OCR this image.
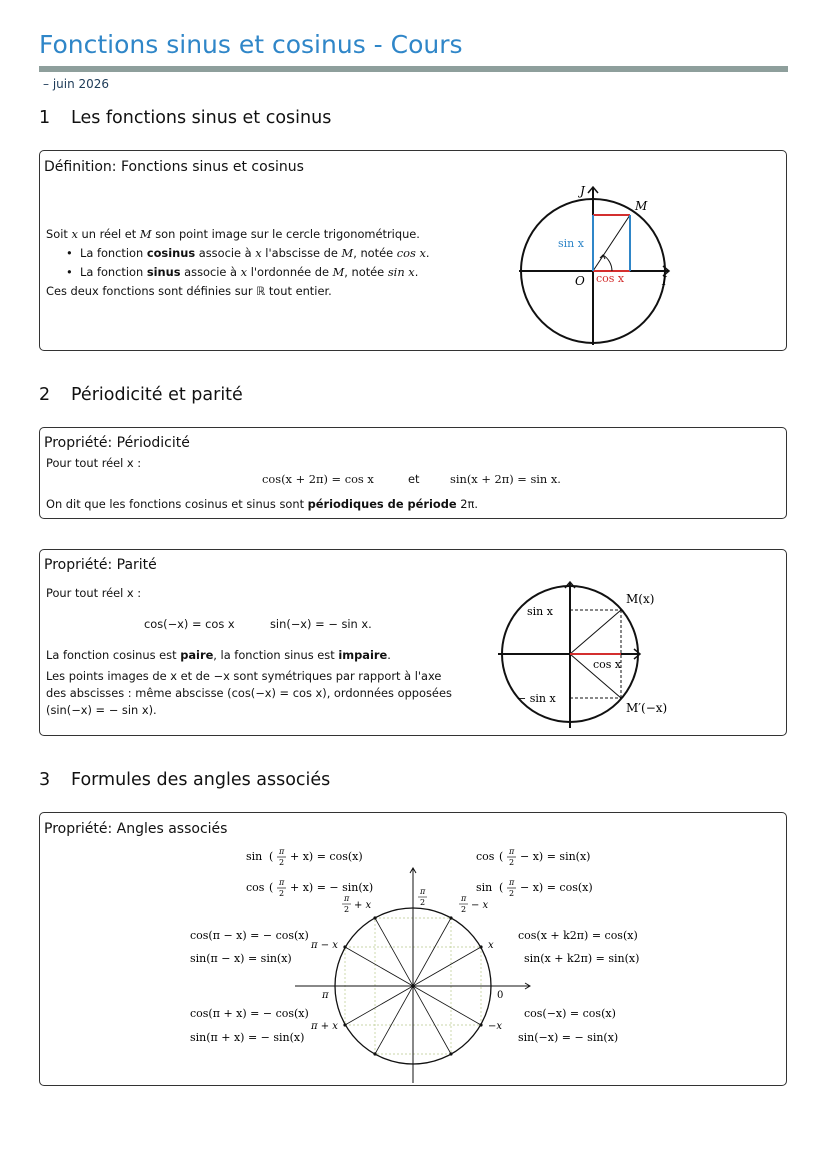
Fonctions sinus et cosinus - Cours
– juin 2026
1 Les fonctions sinus et cosinus
Définition: Fonctions sinus et cosinus
Soit x un réel et M son point image sur le cercle trigonométrique.
• La fonction cosinus associe à x l'abscisse de M, notée cos x.
• La fonction sinus associe à x l'ordonnée de M, notée sin x.
Ces deux fonctions sont définies sur ℝ tout entier.
J
M
O	I
sin x
cos x
2 Périodicité et parité
Propriété: Périodicité
Pour tout réel x :
cos(x + 2π) = cos x	et	sin(x + 2π) = sin x.
On dit que les fonctions cosinus et sinus sont périodiques de période 2π.
Propriété: Parité
Pour tout réel x :
cos(−x) = cos x	sin(−x) = − sin x.
La fonction cosinus est paire, la fonction sinus est impaire.
Les points images de x et de −x sont symétriques par rapport à l'axe
des abscisses : même abscisse (cos(−x) = cos x), ordonnées opposées
(sin(−x) = − sin x).
M(x)
M′(−x)
sin x
− sin x
cos x
3 Formules des angles associés
Propriété: Angles associés
sin ( π
2 + x) = cos(x)
cos ( π
2 + x) = − sin(x)
cos ( π
2 − x) = sin(x)
sin ( π
2 − x) = cos(x)
cos(π − x) = − cos(x)
sin(π − x) = sin(x)
cos(π + x) = − cos(x)
sin(π + x) = − sin(x)
cos(x + k2π) = cos(x)
sin(x + k2π) = sin(x)
cos(−x) = cos(x)
sin(−x) = − sin(x)
π
2
π
2 + x
π
2 − x
π − x	x
π	0
π + x	−x
